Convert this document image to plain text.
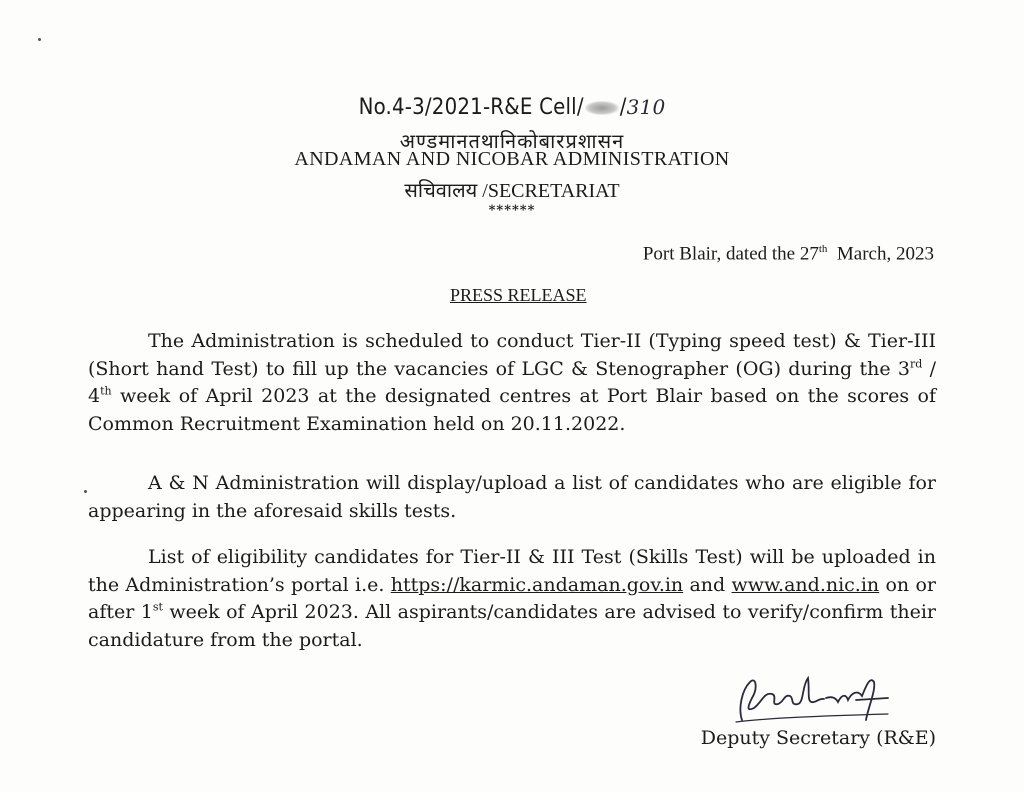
No.4-3/2021-R&E Cell/ /310
अण्डमानतथानिकोबारप्रशासन
ANDAMAN AND NICOBAR ADMINISTRATION
सचिवालय /SECRETARIAT
******
Port Blair, dated the 27th March, 2023
PRESS RELEASE
The Administration is scheduled to conduct Tier-II (Typing speed test) & Tier-III (Short hand Test) to fill up the vacancies of LGC & Stenographer (OG) during the 3rd / 4th week of April 2023 at the designated centres at Port Blair based on the scores of Common Recruitment Examination held on 20.11.2022.
A & N Administration will display/upload a list of candidates who are eligible for appearing in the aforesaid skills tests.
List of eligibility candidates for Tier-II & III Test (Skills Test) will be uploaded in the Administration’s portal i.e. https://karmic.andaman.gov.in and www.and.nic.in on or after 1st week of April 2023. All aspirants/candidates are advised to verify/confirm their candidature from the portal.
Deputy Secretary (R&E)
